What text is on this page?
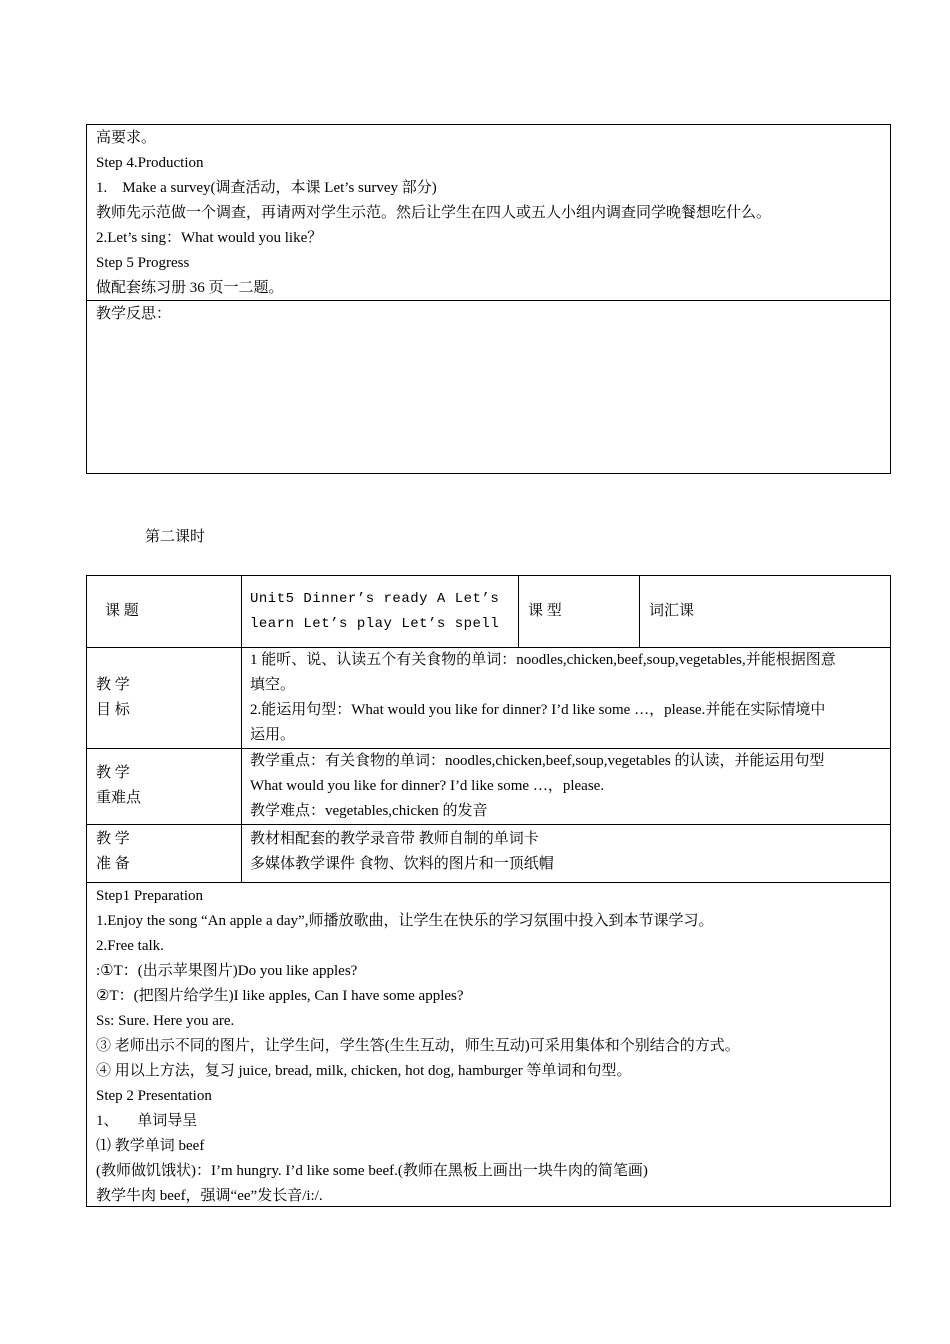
高要求。
Step 4.Production
1.    Make a survey(调查活动，本课 Let’s survey 部分)
教师先示范做一个调查，再请两对学生示范。然后让学生在四人或五人小组内调查同学晚餐想吃什么。
2.Let’s sing：What would you like？
Step 5 Progress
做配套练习册 36 页一二题。
教学反思：
第二课时
课 题
Unit5 Dinner’s ready A Let’s
learn Let’s play Let’s spell
课 型	词汇课
教 学
目 标
1 能听、说、认读五个有关食物的单词：noodles,chicken,beef,soup,vegetables,并能根据图意
填空。
2.能运用句型：What would you like for dinner? I’d like some …，please.并能在实际情境中
运用。
教 学
重难点
教学重点：有关食物的单词：noodles,chicken,beef,soup,vegetables 的认读，并能运用句型
What would you like for dinner? I’d like some …，please.
教学难点：vegetables,chicken 的发音
教 学
准 备
教材相配套的教学录音带 教师自制的单词卡
多媒体教学课件 食物、饮料的图片和一顶纸帽
Step1 Preparation
1.Enjoy the song “An apple a day”,师播放歌曲，让学生在快乐的学习氛围中投入到本节课学习。
2.Free talk.
:①T：(出示苹果图片)Do you like apples?
②T：(把图片给学生)I like apples, Can I have some apples?
Ss: Sure. Here you are.
③ 老师出示不同的图片，让学生问，学生答(生生互动，师生互动)可采用集体和个别结合的方式。
④ 用以上方法，复习 juice, bread, milk, chicken, hot dog, hamburger 等单词和句型。
Step 2 Presentation
1、     单词导呈
⑴ 教学单词 beef
(教师做饥饿状)：I’m hungry. I’d like some beef.(教师在黑板上画出一块牛肉的简笔画)
教学牛肉 beef，强调“ee”发长音/i:/.
